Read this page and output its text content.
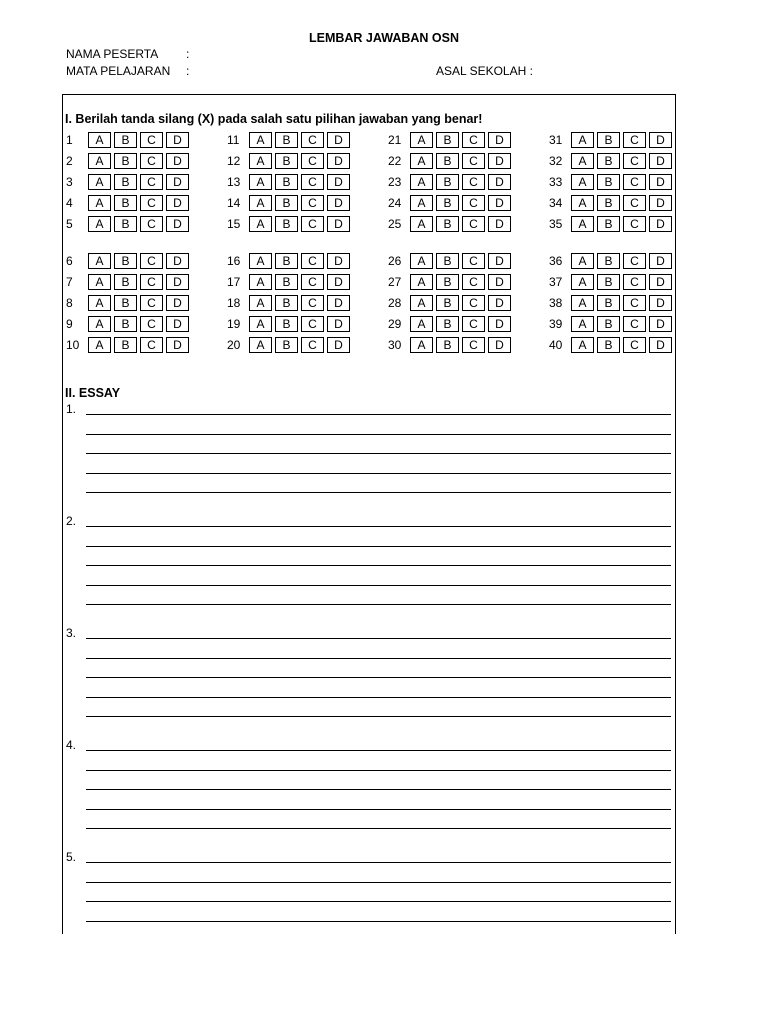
LEMBAR JAWABAN OSN
NAMA PESERTA :
MATA PELAJARAN :	ASAL SEKOLAH :
I. Berilah tanda silang (X) pada salah satu pilihan jawaban yang benar!
1	A	B	C	D
2	A	B	C	D
3	A	B	C	D
4	A	B	C	D
5	A	B	C	D
6	A	B	C	D
7	A	B	C	D
8	A	B	C	D
9	A	B	C	D
10	A	B	C	D
11	A	B	C	D
12	A	B	C	D
13	A	B	C	D
14	A	B	C	D
15	A	B	C	D
16	A	B	C	D
17	A	B	C	D
18	A	B	C	D
19	A	B	C	D
20	A	B	C	D
21	A	B	C	D
22	A	B	C	D
23	A	B	C	D
24	A	B	C	D
25	A	B	C	D
26	A	B	C	D
27	A	B	C	D
28	A	B	C	D
29	A	B	C	D
30	A	B	C	D
31	A	B	C	D
32	A	B	C	D
33	A	B	C	D
34	A	B	C	D
35	A	B	C	D
36	A	B	C	D
37	A	B	C	D
38	A	B	C	D
39	A	B	C	D
40	A	B	C	D
II. ESSAY
1.
2.
3.
4.
5.
